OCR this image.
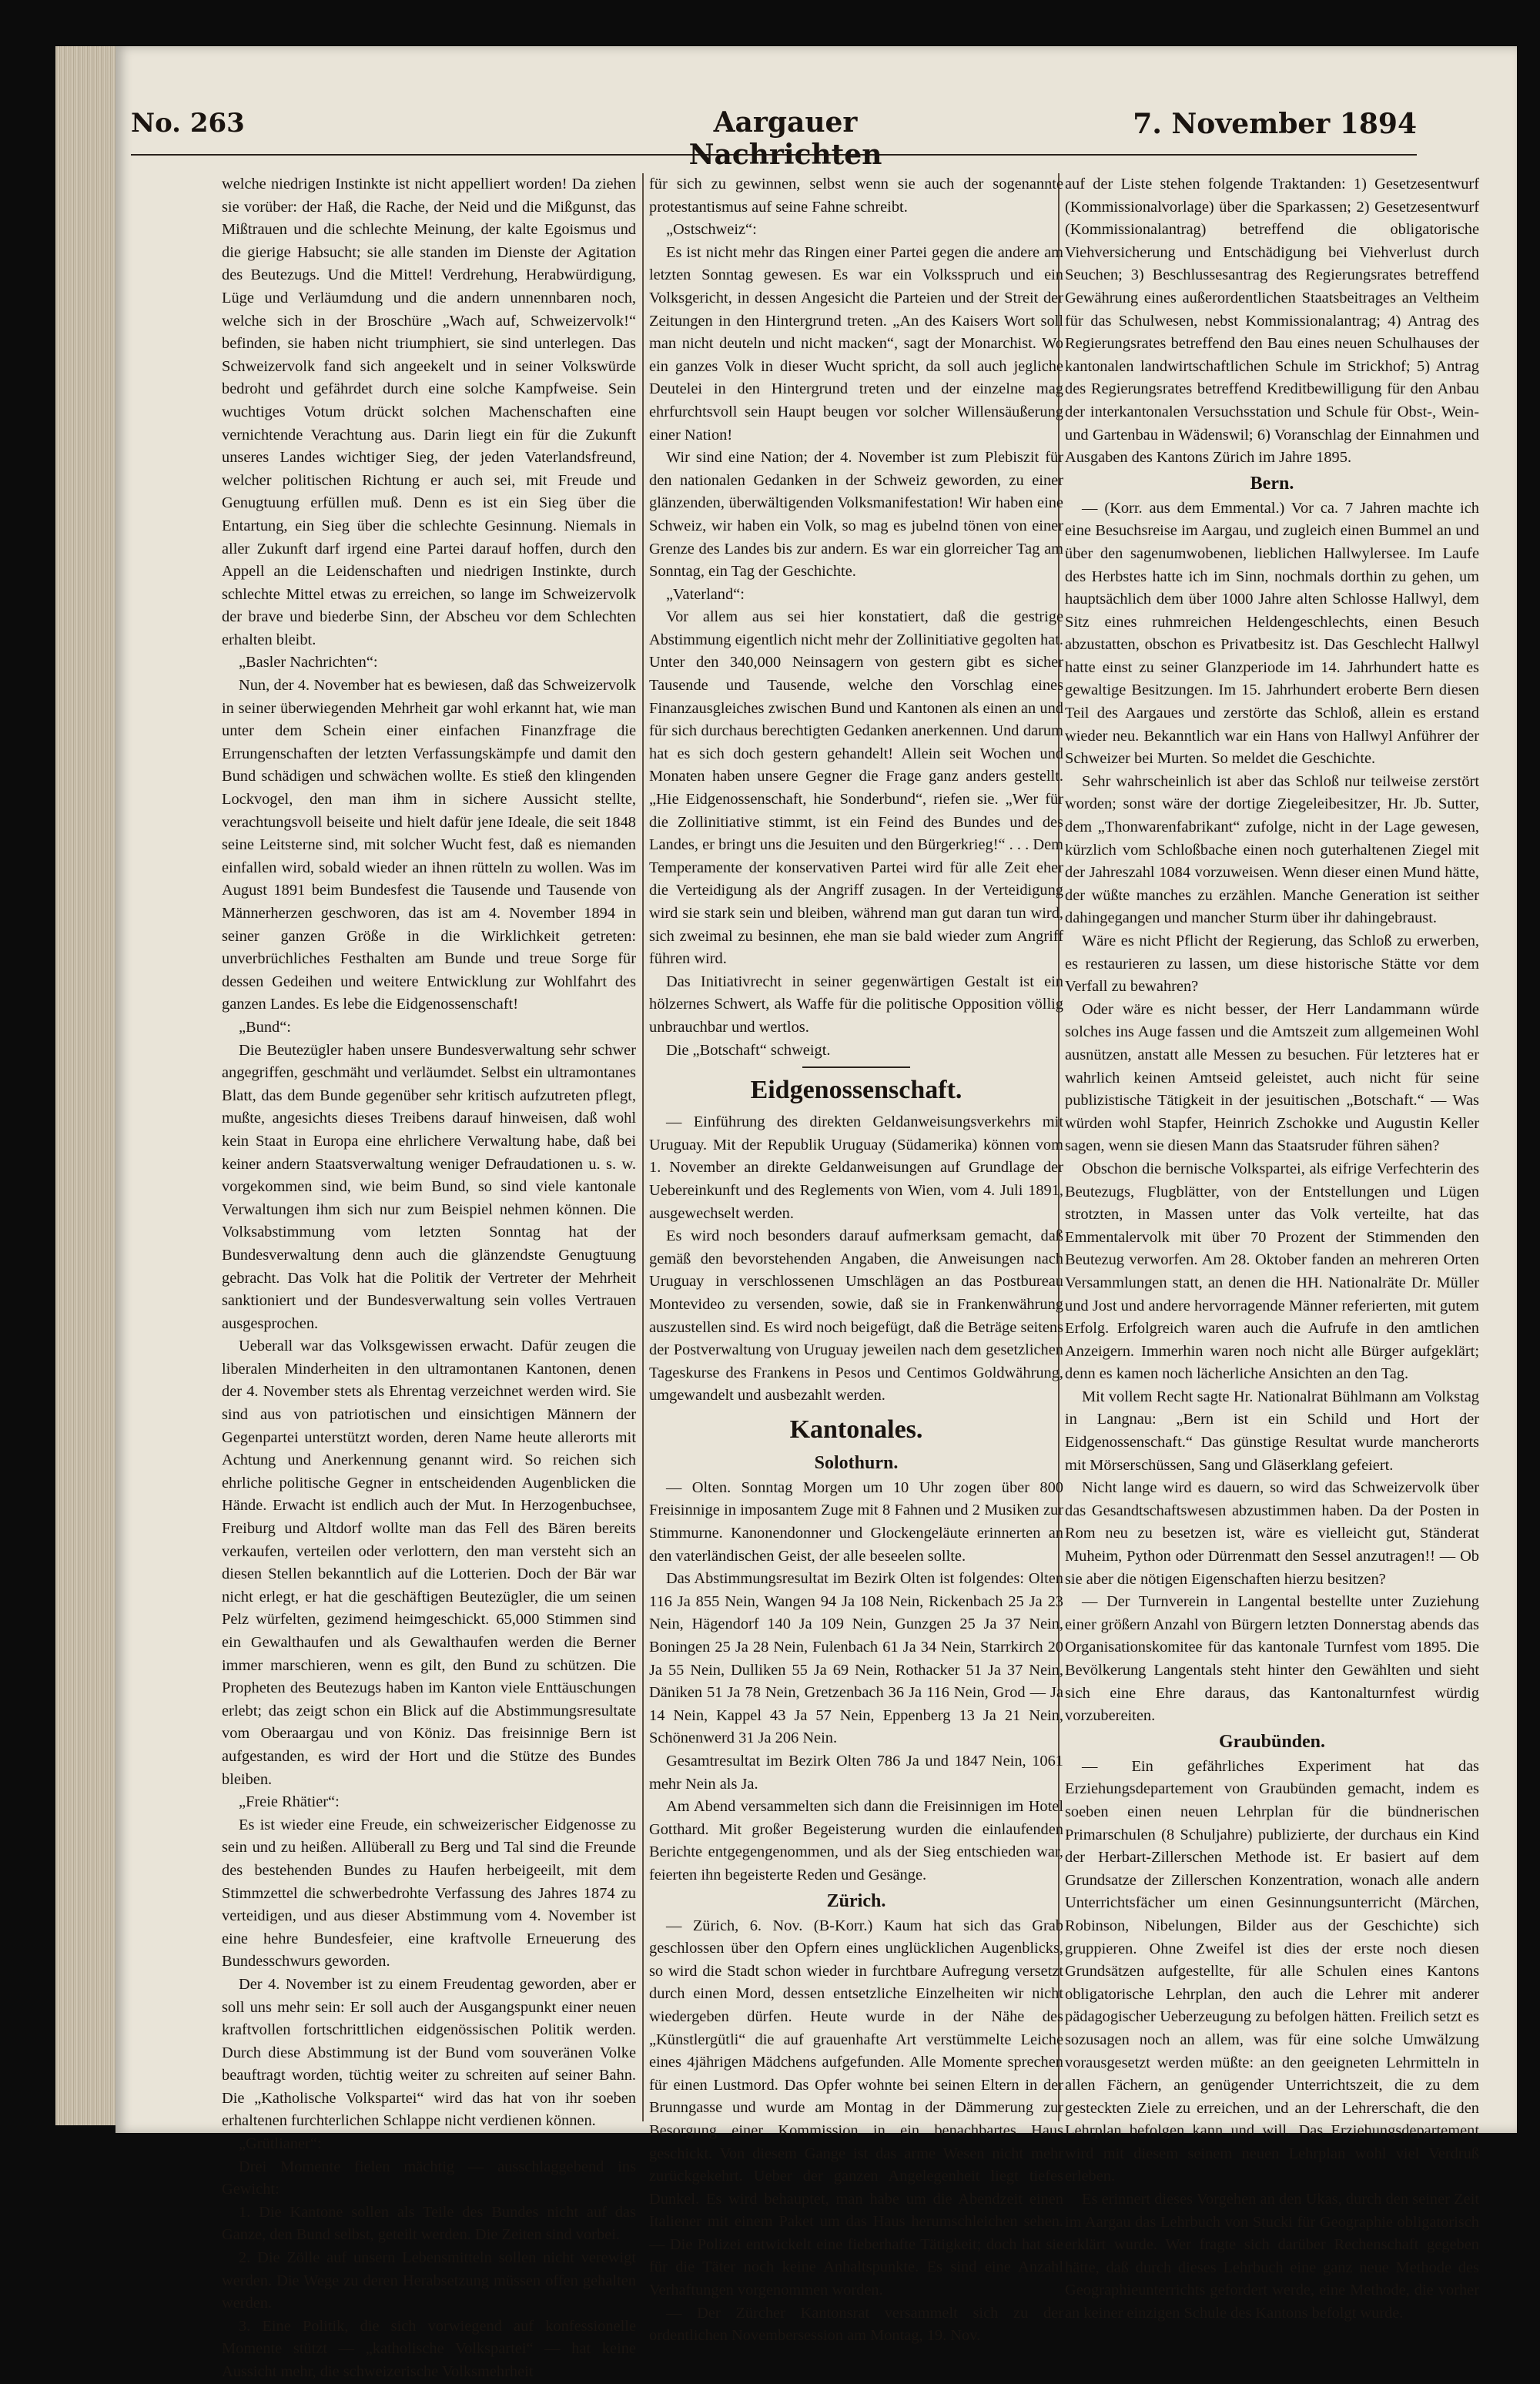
No. 263	Aargauer Nachrichten
7. November 1894

welche niedrigen Instinkte ist nicht appelliert worden! Da ziehen sie vorüber: der Haß, die Rache, der Neid und die Mißgunst, das Mißtrauen und die schlechte Meinung, der kalte Egoismus und die gierige Habsucht; sie alle standen im Dienste der Agitation des Beutezugs. Und die Mittel! Verdrehung, Herabwürdigung, Lüge und Verläumdung und die andern unnennbaren noch, welche sich in der Broschüre „Wach auf, Schweizervolk!“ befinden, sie haben nicht triumphiert, sie sind unterlegen. Das Schweizervolk fand sich angeekelt und in seiner Volkswürde bedroht und gefährdet durch eine solche Kampfweise. Sein wuchtiges Votum drückt solchen Machenschaften eine vernichtende Verachtung aus. Darin liegt ein für die Zukunft unseres Landes wichtiger Sieg, der jeden Vaterlandsfreund, welcher politischen Richtung er auch sei, mit Freude und Genugtuung erfüllen muß. Denn es ist ein Sieg über die Entartung, ein Sieg über die schlechte Gesinnung. Niemals in aller Zukunft darf irgend eine Partei darauf hoffen, durch den Appell an die Leidenschaften und niedrigen Instinkte, durch schlechte Mittel etwas zu erreichen, so lange im Schweizervolk der brave und biederbe Sinn, der Abscheu vor dem Schlechten erhalten bleibt.

„Basler Nachrichten“:

Nun, der 4. November hat es bewiesen, daß das Schweizervolk in seiner überwiegenden Mehrheit gar wohl erkannt hat, wie man unter dem Schein einer einfachen Finanzfrage die Errungenschaften der letzten Verfassungskämpfe und damit den Bund schädigen und schwächen wollte. Es stieß den klingenden Lockvogel, den man ihm in sichere Aussicht stellte, verachtungsvoll beiseite und hielt dafür jene Ideale, die seit 1848 seine Leitsterne sind, mit solcher Wucht fest, daß es niemanden einfallen wird, sobald wieder an ihnen rütteln zu wollen. Was im August 1891 beim Bundesfest die Tausende und Tausende von Männerherzen geschworen, das ist am 4. November 1894 in seiner ganzen Größe in die Wirklichkeit getreten: unverbrüchliches Festhalten am Bunde und treue Sorge für dessen Gedeihen und weitere Entwicklung zur Wohlfahrt des ganzen Landes. Es lebe die Eidgenossenschaft!

„Bund“:

Die Beutezügler haben unsere Bundesverwaltung sehr schwer angegriffen, geschmäht und verläumdet. Selbst ein ultramontanes Blatt, das dem Bunde gegenüber sehr kritisch aufzutreten pflegt, mußte, angesichts dieses Treibens darauf hinweisen, daß wohl kein Staat in Europa eine ehrlichere Verwaltung habe, daß bei keiner andern Staatsverwaltung weniger Defraudationen u. s. w. vorgekommen sind, wie beim Bund, so sind viele kantonale Verwaltungen ihm sich nur zum Beispiel nehmen können. Die Volksabstimmung vom letzten Sonntag hat der Bundesverwaltung denn auch die glänzendste Genugtuung gebracht. Das Volk hat die Politik der Vertreter der Mehrheit sanktioniert und der Bundesverwaltung sein volles Vertrauen ausgesprochen.

Ueberall war das Volksgewissen erwacht. Dafür zeugen die liberalen Minderheiten in den ultramontanen Kantonen, denen der 4. November stets als Ehrentag verzeichnet werden wird. Sie sind aus von patriotischen und einsichtigen Männern der Gegenpartei unterstützt worden, deren Name heute allerorts mit Achtung und Anerkennung genannt wird. So reichen sich ehrliche politische Gegner in entscheidenden Augenblicken die Hände. Erwacht ist endlich auch der Mut. In Herzogenbuchsee, Freiburg und Altdorf wollte man das Fell des Bären bereits verkaufen, verteilen oder verlottern, den man versteht sich an diesen Stellen bekanntlich auf die Lotterien. Doch der Bär war nicht erlegt, er hat die geschäftigen Beutezügler, die um seinen Pelz würfelten, gezimend heimgeschickt. 65,000 Stimmen sind ein Gewalthaufen und als Gewalthaufen werden die Berner immer marschieren, wenn es gilt, den Bund zu schützen. Die Propheten des Beutezugs haben im Kanton viele Enttäuschungen erlebt; das zeigt schon ein Blick auf die Abstimmungsresultate vom Oberaargau und von Köniz. Das freisinnige Bern ist aufgestanden, es wird der Hort und die Stütze des Bundes bleiben.

„Freie Rhätier“:

Es ist wieder eine Freude, ein schweizerischer Eidgenosse zu sein und zu heißen. Allüberall zu Berg und Tal sind die Freunde des bestehenden Bundes zu Haufen herbeigeeilt, mit dem Stimmzettel die schwerbedrohte Verfassung des Jahres 1874 zu verteidigen, und aus dieser Abstimmung vom 4. November ist eine hehre Bundesfeier, eine kraftvolle Erneuerung des Bundesschwurs geworden.

Der 4. November ist zu einem Freudentag geworden, aber er soll uns mehr sein: Er soll auch der Ausgangspunkt einer neuen kraftvollen fortschrittlichen eidgenössischen Politik werden. Durch diese Abstimmung ist der Bund vom souveränen Volke beauftragt worden, tüchtig weiter zu schreiten auf seiner Bahn. Die „Katholische Volkspartei“ wird das hat von ihr soeben erhaltenen furchterlichen Schlappe nicht verdienen können.

„Grütlianer“:

Drei Momente fielen mächtig — ausschlaggebend ins Gewicht:

1. Die Kantone sollen als Teile des Bundes nicht auf das Ganze, den Bund selbst, geteilt werden. Die Zeiten sind vorbei.

2. Die Zölle auf unsern Lebensmitteln sollen nicht verewigt werden. Die Wege zu deren Herabsetzung müssen offen gehalten werden.

3. Eine Politik, die sich vorwiegend auf konfessionelle Momente stützt — „katholische Volkspartei“ — hat keine Aussicht mehr, die schweizerische Volksmehrheit

für sich zu gewinnen, selbst wenn sie auch der sogenannte protestantismus auf seine Fahne schreibt.

„Ostschweiz“:

Es ist nicht mehr das Ringen einer Partei gegen die andere am letzten Sonntag gewesen. Es war ein Volksspruch und ein Volksgericht, in dessen Angesicht die Parteien und der Streit der Zeitungen in den Hintergrund treten. „An des Kaisers Wort soll man nicht deuteln und nicht macken“, sagt der Monarchist. Wo ein ganzes Volk in dieser Wucht spricht, da soll auch jegliche Deutelei in den Hintergrund treten und der einzelne mag ehrfurchtsvoll sein Haupt beugen vor solcher Willensäußerung einer Nation!

Wir sind eine Nation; der 4. November ist zum Plebiszit für den nationalen Gedanken in der Schweiz geworden, zu einer glänzenden, überwältigenden Volksmanifestation! Wir haben eine Schweiz, wir haben ein Volk, so mag es jubelnd tönen von einer Grenze des Landes bis zur andern. Es war ein glorreicher Tag am Sonntag, ein Tag der Geschichte.

„Vaterland“:

Vor allem aus sei hier konstatiert, daß die gestrige Abstimmung eigentlich nicht mehr der Zollinitiative gegolten hat. Unter den 340,000 Neinsagern von gestern gibt es sicher Tausende und Tausende, welche den Vorschlag eines Finanzausgleiches zwischen Bund und Kantonen als einen an und für sich durchaus berechtigten Gedanken anerkennen. Und darum hat es sich doch gestern gehandelt! Allein seit Wochen und Monaten haben unsere Gegner die Frage ganz anders gestellt. „Hie Eidgenossenschaft, hie Sonderbund“, riefen sie. „Wer für die Zollinitiative stimmt, ist ein Feind des Bundes und des Landes, er bringt uns die Jesuiten und den Bürgerkrieg!“ . . . Dem Temperamente der konservativen Partei wird für alle Zeit eher die Verteidigung als der Angriff zusagen. In der Verteidigung wird sie stark sein und bleiben, während man gut daran tun wird, sich zweimal zu besinnen, ehe man sie bald wieder zum Angriff führen wird.

Das Initiativrecht in seiner gegenwärtigen Gestalt ist ein hölzernes Schwert, als Waffe für die politische Opposition völlig unbrauchbar und wertlos.

Die „Botschaft“ schweigt.

Eidgenossenschaft.

— Einführung des direkten Geldanweisungsverkehrs mit Uruguay. Mit der Republik Uruguay (Südamerika) können vom 1. November an direkte Geldanweisungen auf Grundlage der Uebereinkunft und des Reglements von Wien, vom 4. Juli 1891, ausgewechselt werden.

Es wird noch besonders darauf aufmerksam gemacht, daß gemäß den bevorstehenden Angaben, die Anweisungen nach Uruguay in verschlossenen Umschlägen an das Postbureau Montevideo zu versenden, sowie, daß sie in Frankenwährung auszustellen sind. Es wird noch beigefügt, daß die Beträge seitens der Postverwaltung von Uruguay jeweilen nach dem gesetzlichen Tageskurse des Frankens in Pesos und Centimos Goldwährung, umgewandelt und ausbezahlt werden.

Kantonales.
Solothurn.

— Olten. Sonntag Morgen um 10 Uhr zogen über 800 Freisinnige in imposantem Zuge mit 8 Fahnen und 2 Musiken zur Stimmurne. Kanonendonner und Glockengeläute erinnerten an den vaterländischen Geist, der alle beseelen sollte.

Das Abstimmungsresultat im Bezirk Olten ist folgendes: Olten 116 Ja 855 Nein, Wangen 94 Ja 108 Nein, Rickenbach 25 Ja 23 Nein, Hägendorf 140 Ja 109 Nein, Gunzgen 25 Ja 37 Nein, Boningen 25 Ja 28 Nein, Fulenbach 61 Ja 34 Nein, Starrkirch 20 Ja 55 Nein, Dulliken 55 Ja 69 Nein, Rothacker 51 Ja 37 Nein, Däniken 51 Ja 78 Nein, Gretzenbach 36 Ja 116 Nein, Grod — Ja 14 Nein, Kappel 43 Ja 57 Nein, Eppenberg 13 Ja 21 Nein, Schönenwerd 31 Ja 206 Nein.

Gesamtresultat im Bezirk Olten 786 Ja und 1847 Nein, 1061 mehr Nein als Ja.

Am Abend versammelten sich dann die Freisinnigen im Hotel Gotthard. Mit großer Begeisterung wurden die einlaufenden Berichte entgegengenommen, und als der Sieg entschieden war, feierten ihn begeisterte Reden und Gesänge.

Zürich.

— Zürich, 6. Nov. (B-Korr.) Kaum hat sich das Grab geschlossen über den Opfern eines unglücklichen Augenblicks, so wird die Stadt schon wieder in furchtbare Aufregung versetzt durch einen Mord, dessen entsetzliche Einzelheiten wir nicht wiedergeben dürfen. Heute wurde in der Nähe des „Künstlergütli“ die auf grauenhafte Art verstümmelte Leiche eines 4jährigen Mädchens aufgefunden. Alle Momente sprechen für einen Lustmord. Das Opfer wohnte bei seinen Eltern in der Brunngasse und wurde am Montag in der Dämmerung zur Besorgung einer Kommission in ein benachbartes Haus geschickt. Von diesem Gange ist das arme Wesen nicht mehr zurückgekehrt. Ueber der ganzen Angelegenheit liegt tiefes Dunkel. Es wird behauptet, man habe um die Abendzeit einen Italiener mit einem Paket um das Haus herumschleichen sehen. — Die Polizei entwickelt eine fieberhafte Tätigkeit; doch hat sie für die Täter noch keine Anhaltspunkte. Es sind eine Anzahl Verhaftungen vorgenommen worden.

— Der Zürcher Kantonsrat versammelt sich zu der ordentlichen Novembersession am Montag, 19. Nov.

auf der Liste stehen folgende Traktanden: 1) Gesetzesentwurf (Kommissionalvorlage) über die Sparkassen; 2) Gesetzesentwurf (Kommissionalantrag) betreffend die obligatorische Viehversicherung und Entschädigung bei Viehverlust durch Seuchen; 3) Beschlussesantrag des Regierungsrates betreffend Gewährung eines außerordentlichen Staatsbeitrages an Veltheim für das Schulwesen, nebst Kommissionalantrag; 4) Antrag des Regierungsrates betreffend den Bau eines neuen Schulhauses der kantonalen landwirtschaftlichen Schule im Strickhof; 5) Antrag des Regierungsrates betreffend Kreditbewilligung für den Anbau der interkantonalen Versuchsstation und Schule für Obst-, Wein- und Gartenbau in Wädenswil; 6) Voranschlag der Einnahmen und Ausgaben des Kantons Zürich im Jahre 1895.

Bern.

— (Korr. aus dem Emmental.) Vor ca. 7 Jahren machte ich eine Besuchsreise im Aargau, und zugleich einen Bummel an und über den sagenumwobenen, lieblichen Hallwylersee. Im Laufe des Herbstes hatte ich im Sinn, nochmals dorthin zu gehen, um hauptsächlich dem über 1000 Jahre alten Schlosse Hallwyl, dem Sitz eines ruhmreichen Heldengeschlechts, einen Besuch abzustatten, obschon es Privatbesitz ist. Das Geschlecht Hallwyl hatte einst zu seiner Glanzperiode im 14. Jahrhundert hatte es gewaltige Besitzungen. Im 15. Jahrhundert eroberte Bern diesen Teil des Aargaues und zerstörte das Schloß, allein es erstand wieder neu. Bekanntlich war ein Hans von Hallwyl Anführer der Schweizer bei Murten. So meldet die Geschichte.

Sehr wahrscheinlich ist aber das Schloß nur teilweise zerstört worden; sonst wäre der dortige Ziegeleibesitzer, Hr. Jb. Sutter, dem „Thonwarenfabrikant“ zufolge, nicht in der Lage gewesen, kürzlich vom Schloßbache einen noch guterhaltenen Ziegel mit der Jahreszahl 1084 vorzuweisen. Wenn dieser einen Mund hätte, der wüßte manches zu erzählen. Manche Generation ist seither dahingegangen und mancher Sturm über ihr dahingebraust.

Wäre es nicht Pflicht der Regierung, das Schloß zu erwerben, es restaurieren zu lassen, um diese historische Stätte vor dem Verfall zu bewahren?

Oder wäre es nicht besser, der Herr Landammann würde solches ins Auge fassen und die Amtszeit zum allgemeinen Wohl ausnützen, anstatt alle Messen zu besuchen. Für letzteres hat er wahrlich keinen Amtseid geleistet, auch nicht für seine publizistische Tätigkeit in der jesuitischen „Botschaft.“ — Was würden wohl Stapfer, Heinrich Zschokke und Augustin Keller sagen, wenn sie diesen Mann das Staatsruder führen sähen?

Obschon die bernische Volkspartei, als eifrige Verfechterin des Beutezugs, Flugblätter, von der Entstellungen und Lügen strotzten, in Massen unter das Volk verteilte, hat das Emmentalervolk mit über 70 Prozent der Stimmenden den Beutezug verworfen. Am 28. Oktober fanden an mehreren Orten Versammlungen statt, an denen die HH. Nationalräte Dr. Müller und Jost und andere hervorragende Männer referierten, mit gutem Erfolg. Erfolgreich waren auch die Aufrufe in den amtlichen Anzeigern. Immerhin waren noch nicht alle Bürger aufgeklärt; denn es kamen noch lächerliche Ansichten an den Tag.

Mit vollem Recht sagte Hr. Nationalrat Bühlmann am Volkstag in Langnau: „Bern ist ein Schild und Hort der Eidgenossenschaft.“ Das günstige Resultat wurde mancherorts mit Mörserschüssen, Sang und Gläserklang gefeiert.

Nicht lange wird es dauern, so wird das Schweizervolk über das Gesandtschaftswesen abzustimmen haben. Da der Posten in Rom neu zu besetzen ist, wäre es vielleicht gut, Ständerat Muheim, Python oder Dürrenmatt den Sessel anzutragen!! — Ob sie aber die nötigen Eigenschaften hierzu besitzen?

— Der Turnverein in Langental bestellte unter Zuziehung einer größern Anzahl von Bürgern letzten Donnerstag abends das Organisationskomitee für das kantonale Turnfest vom 1895. Die Bevölkerung Langentals steht hinter den Gewählten und sieht sich eine Ehre daraus, das Kantonalturnfest würdig vorzubereiten.

Graubünden.

— Ein gefährliches Experiment hat das Erziehungsdepartement von Graubünden gemacht, indem es soeben einen neuen Lehrplan für die bündnerischen Primarschulen (8 Schuljahre) publizierte, der durchaus ein Kind der Herbart-Zillerschen Methode ist. Er basiert auf dem Grundsatze der Zillerschen Konzentration, wonach alle andern Unterrichtsfächer um einen Gesinnungsunterricht (Märchen, Robinson, Nibelungen, Bilder aus der Geschichte) sich gruppieren. Ohne Zweifel ist dies der erste noch diesen Grundsätzen aufgestellte, für alle Schulen eines Kantons obligatorische Lehrplan, den auch die Lehrer mit anderer pädagogischer Ueberzeugung zu befolgen hätten. Freilich setzt es sozusagen noch an allem, was für eine solche Umwälzung vorausgesetzt werden müßte: an den geeigneten Lehrmitteln in allen Fächern, an genügender Unterrichtszeit, die zu dem gesteckten Ziele zu erreichen, und an der Lehrerschaft, die den Lehrplan befolgen kann und will. Das Erziehungsdepartement wird mit diesem seinem neuen Lehrplan wohl viel Verdruß erleben.

Es erinnert dieses Vorgehen an den Ukas, durch den seiner Zeit im Aargau das Lehrbuch von Stucki für Geographie obligatorisch erklärt wurde. Wer fragte sich darüber Rechenschaft gegeben hätte, daß durch dieses Lehrbuch eine ganz neue Methode des Geographieunterrichts gefordert werde, eine Methode, die vorher an keiner einzigen Schule des Kantons befolgt wurde.
